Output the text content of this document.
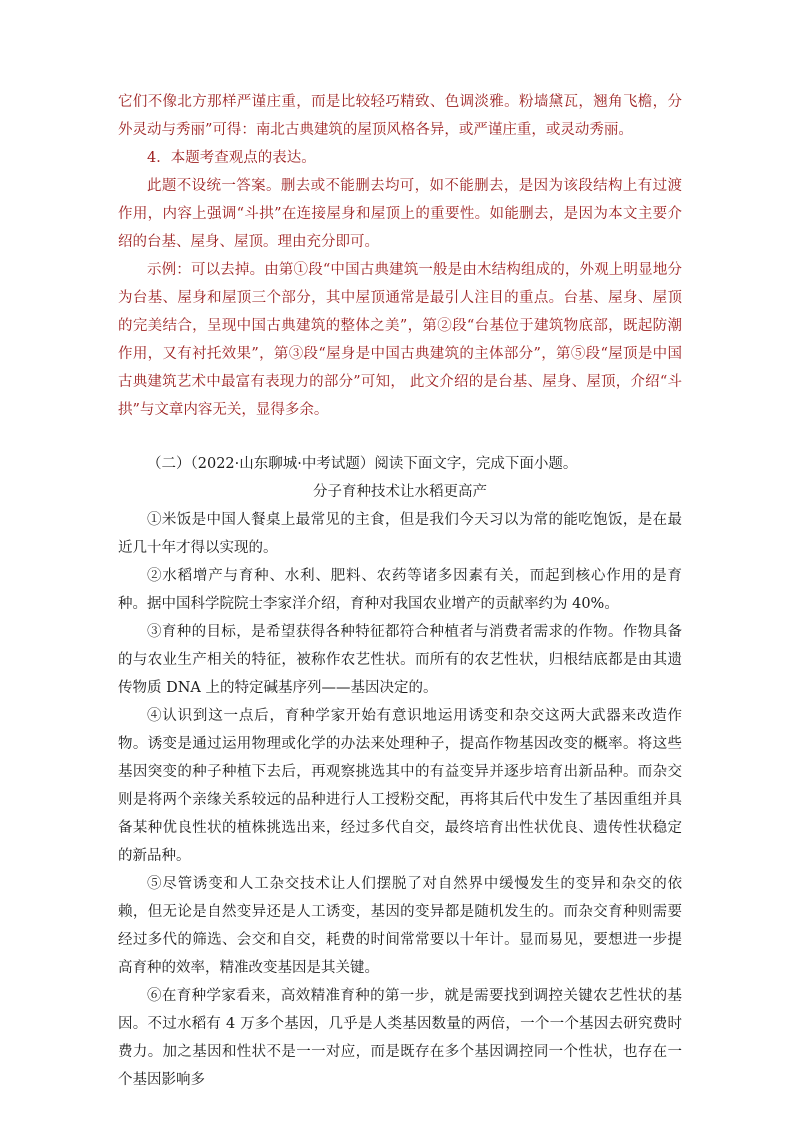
它们不像北方那样严谨庄重，而是比较轻巧精致、色调淡雅。粉墙黛瓦，翘角飞檐，分外灵动与秀丽”可得：南北古典建筑的屋顶风格各异，或严谨庄重，或灵动秀丽。

4．本题考查观点的表达。

此题不设统一答案。删去或不能删去均可，如不能删去，是因为该段结构上有过渡作用，内容上强调“斗拱”在连接屋身和屋顶上的重要性。如能删去，是因为本文主要介绍的台基、屋身、屋顶。理由充分即可。

示例：可以去掉。由第①段“中国古典建筑一般是由木结构组成的，外观上明显地分为台基、屋身和屋顶三个部分，其中屋顶通常是最引人注目的重点。台基、屋身、屋顶的完美结合，呈现中国古典建筑的整体之美”，第②段“台基位于建筑物底部，既起防潮作用，又有衬托效果”，第③段“屋身是中国古典建筑的主体部分”，第⑤段“屋顶是中国古典建筑艺术中最富有表现力的部分”可知， 此文介绍的是台基、屋身、屋顶，介绍“斗拱”与文章内容无关，显得多余。

（二）（2022·山东聊城·中考试题）阅读下面文字，完成下面小题。

分子育种技术让水稻更高产

①米饭是中国人餐桌上最常见的主食，但是我们今天习以为常的能吃饱饭，是在最近几十年才得以实现的。

②水稻增产与育种、水利、肥料、农药等诸多因素有关，而起到核心作用的是育种。据中国科学院院士李家洋介绍，育种对我国农业增产的贡献率约为 40%。

③育种的目标，是希望获得各种特征都符合种植者与消费者需求的作物。作物具备的与农业生产相关的特征，被称作农艺性状。而所有的农艺性状，归根结底都是由其遗传物质 DNA 上的特定碱基序列——基因决定的。

④认识到这一点后，育种学家开始有意识地运用诱变和杂交这两大武器来改造作物。诱变是通过运用物理或化学的办法来处理种子，提高作物基因改变的概率。将这些基因突变的种子种植下去后，再观察挑选其中的有益变异并逐步培育出新品种。而杂交则是将两个亲缘关系较远的品种进行人工授粉交配，再将其后代中发生了基因重组并具备某种优良性状的植株挑选出来，经过多代自交，最终培育出性状优良、遗传性状稳定的新品种。

⑤尽管诱变和人工杂交技术让人们摆脱了对自然界中缓慢发生的变异和杂交的依赖，但无论是自然变异还是人工诱变，基因的变异都是随机发生的。而杂交育种则需要经过多代的筛选、会交和自交，耗费的时间常常要以十年计。显而易见，要想进一步提高育种的效率，精准改变基因是其关键。

⑥在育种学家看来，高效精准育种的第一步，就是需要找到调控关键农艺性状的基因。不过水稻有 4 万多个基因，几乎是人类基因数量的两倍，一个一个基因去研究费时费力。加之基因和性状不是一一对应，而是既存在多个基因调控同一个性状，也存在一个基因影响多
